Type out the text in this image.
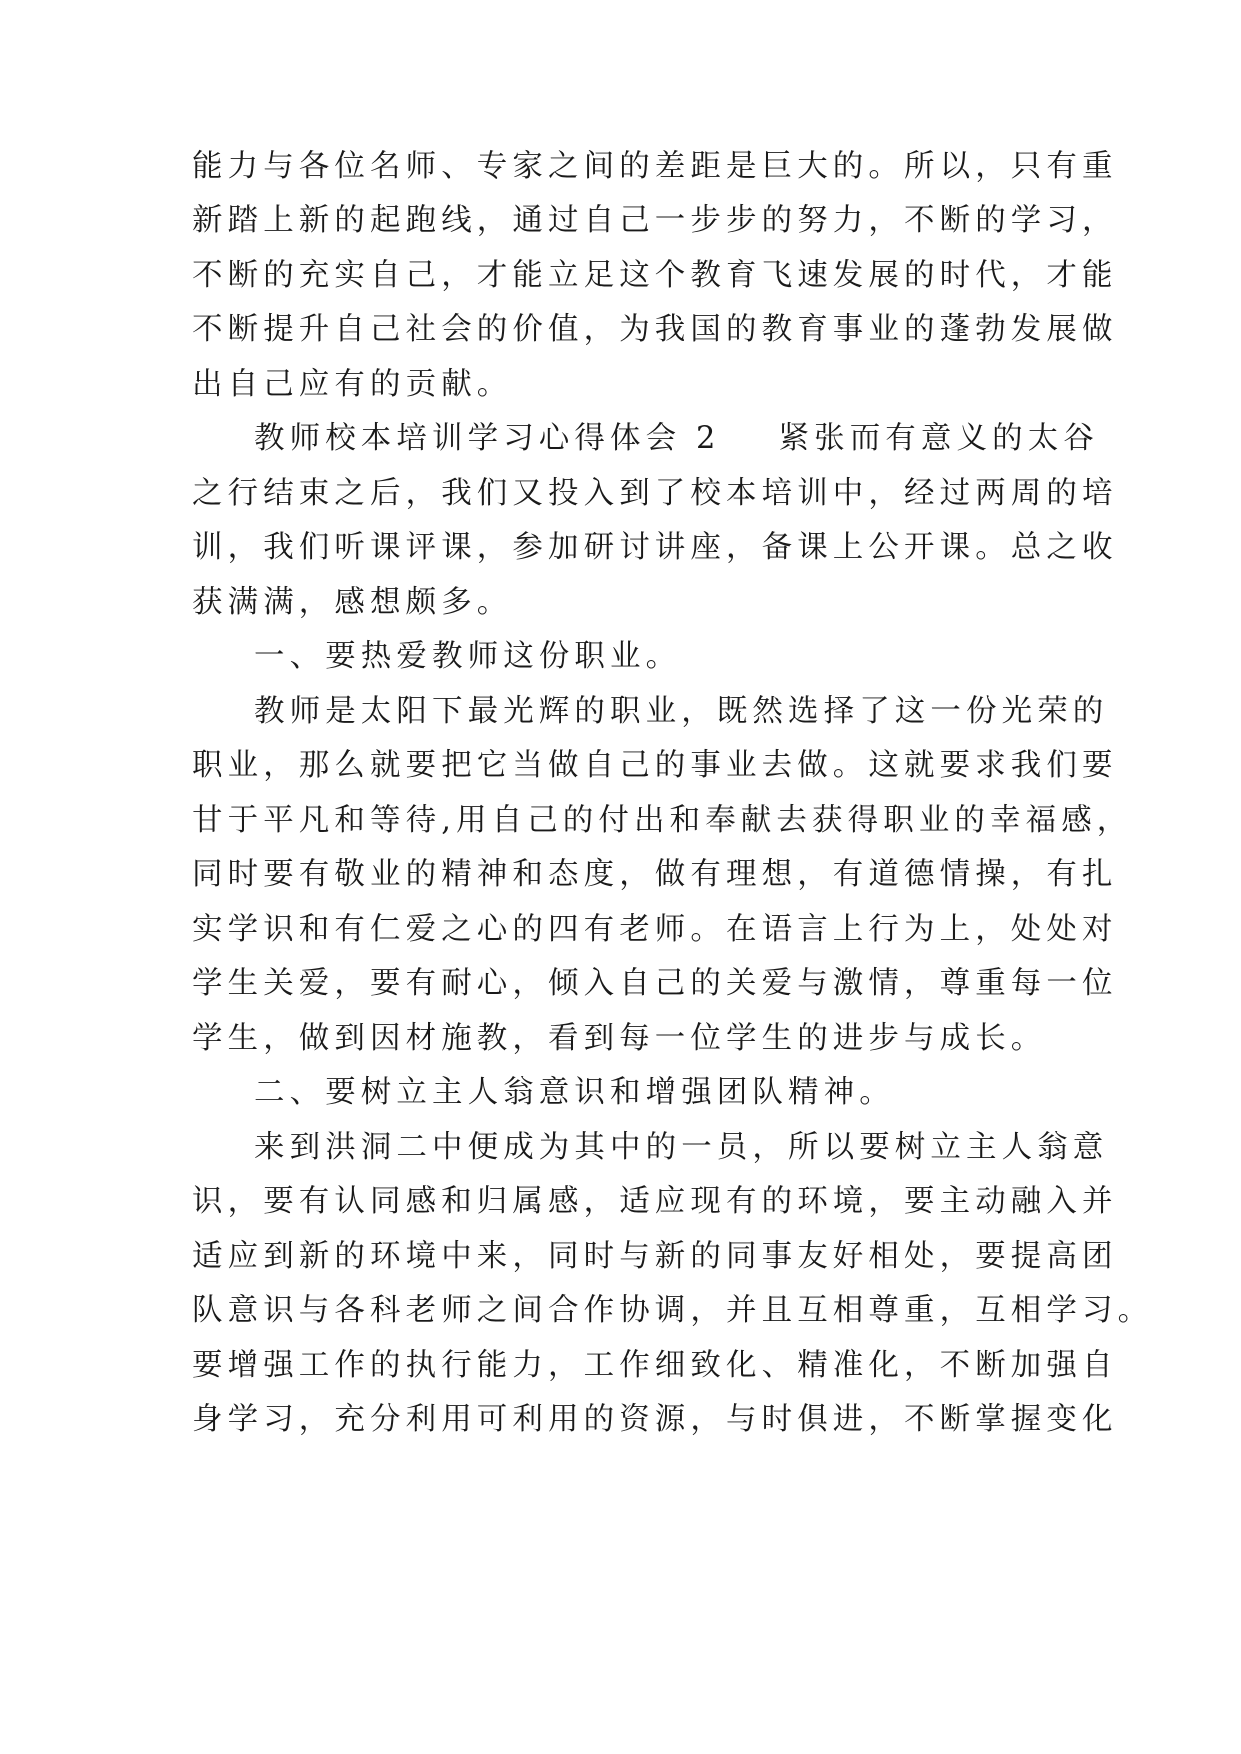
能力与各位名师、专家之间的差距是巨大的。所以，只有重
新踏上新的起跑线，通过自己一步步的努力，不断的学习，
不断的充实自己，才能立足这个教育飞速发展的时代，才能
不断提升自己社会的价值，为我国的教育事业的蓬勃发展做
出自己应有的贡献。
教师校本培训学习心得体会 2 紧张而有意义的太谷
之行结束之后，我们又投入到了校本培训中，经过两周的培
训，我们听课评课，参加研讨讲座，备课上公开课。总之收
获满满，感想颇多。
一、要热爱教师这份职业。
教师是太阳下最光辉的职业，既然选择了这一份光荣的
职业，那么就要把它当做自己的事业去做。这就要求我们要
甘于平凡和等待,用自己的付出和奉献去获得职业的幸福感，
同时要有敬业的精神和态度，做有理想，有道德情操，有扎
实学识和有仁爱之心的四有老师。在语言上行为上，处处对
学生关爱，要有耐心，倾入自己的关爱与激情，尊重每一位
学生，做到因材施教，看到每一位学生的进步与成长。
二、要树立主人翁意识和增强团队精神。
来到洪洞二中便成为其中的一员，所以要树立主人翁意
识，要有认同感和归属感，适应现有的环境，要主动融入并
适应到新的环境中来，同时与新的同事友好相处，要提高团
队意识与各科老师之间合作协调，并且互相尊重，互相学习。
要增强工作的执行能力，工作细致化、精准化，不断加强自
身学习，充分利用可利用的资源，与时俱进，不断掌握变化
